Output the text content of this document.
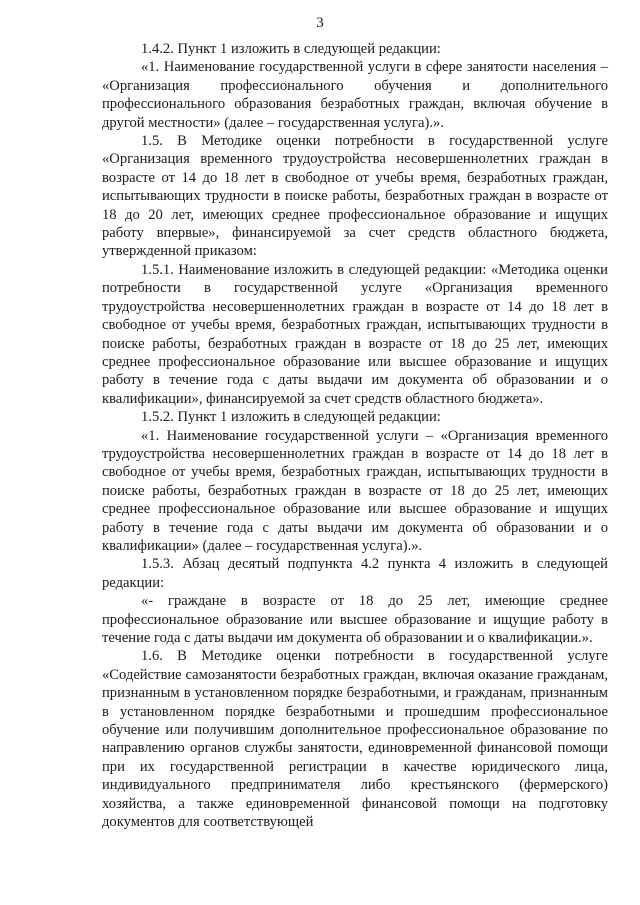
3

1.4.2. Пункт 1 изложить в следующей редакции:

«1. Наименование государственной услуги в сфере занятости населения – «Организация профессионального обучения и дополнительного профессионального образования безработных граждан, включая обучение в другой местности» (далее – государственная услуга).».

1.5. В Методике оценки потребности в государственной услуге «Организация временного трудоустройства несовершеннолетних граждан в возрасте от 14 до 18 лет в свободное от учебы время, безработных граждан, испытывающих трудности в поиске работы, безработных граждан в возрасте от 18 до 20 лет, имеющих среднее профессиональное образование и ищущих работу впервые», финансируемой за счет средств областного бюджета, утвержденной приказом:

1.5.1. Наименование изложить в следующей редакции: «Методика оценки потребности в государственной услуге «Организация временного трудоустройства несовершеннолетних граждан в возрасте от 14 до 18 лет в свободное от учебы время, безработных граждан, испытывающих трудности в поиске работы, безработных граждан в возрасте от 18 до 25 лет, имеющих среднее профессиональное образование или высшее образование и ищущих работу в течение года с даты выдачи им документа об образовании и о квалификации», финансируемой за счет средств областного бюджета».

1.5.2. Пункт 1 изложить в следующей редакции:

«1. Наименование государственной услуги – «Организация временного трудоустройства несовершеннолетних граждан в возрасте от 14 до 18 лет в свободное от учебы время, безработных граждан, испытывающих трудности в поиске работы, безработных граждан в возрасте от 18 до 25 лет, имеющих среднее профессиональное образование или высшее образование и ищущих работу в течение года с даты выдачи им документа об образовании и о квалификации» (далее – государственная услуга).».

1.5.3. Абзац десятый подпункта 4.2 пункта 4 изложить в следующей редакции:

«- граждане в возрасте от 18 до 25 лет, имеющие среднее профессиональное образование или высшее образование и ищущие работу в течение года с даты выдачи им документа об образовании и о квалификации.».

1.6. В Методике оценки потребности в государственной услуге «Содействие самозанятости безработных граждан, включая оказание гражданам, признанным в установленном порядке безработными, и гражданам, признанным в установленном порядке безработными и прошедшим профессиональное обучение или получившим дополнительное профессиональное образование по направлению органов службы занятости, единовременной финансовой помощи при их государственной регистрации в качестве юридического лица, индивидуального предпринимателя либо крестьянского (фермерского) хозяйства, а также единовременной финансовой помощи на подготовку документов для соответствующей
